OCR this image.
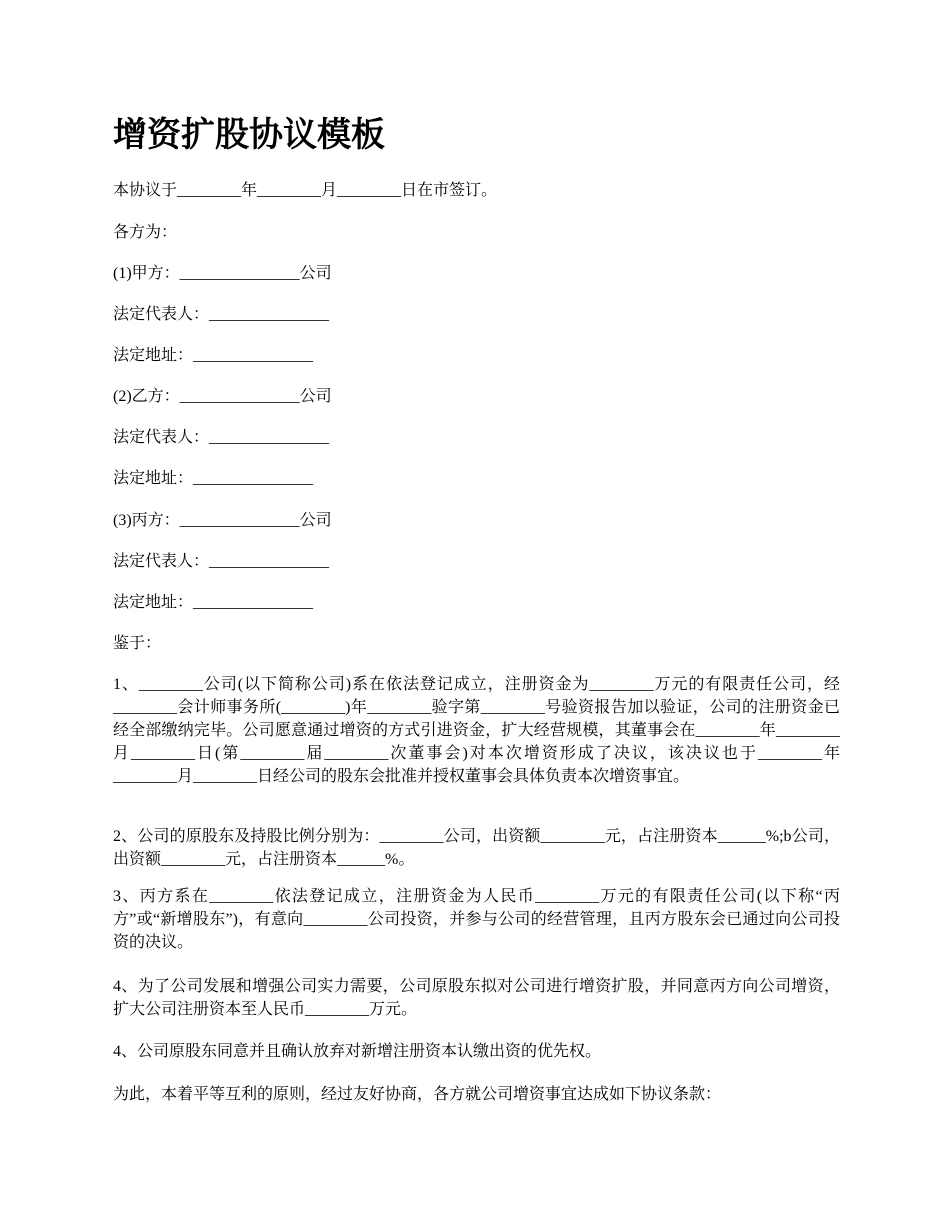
增资扩股协议模板

本协议于________年________月________日在市签订。

各方为：

(1)甲方：_______________公司

法定代表人：_______________

法定地址：_______________

(2)乙方：_______________公司

法定代表人：_______________

法定地址：_______________

(3)丙方：_______________公司

法定代表人：_______________

法定地址：_______________

鉴于：

1、________公司(以下简称公司)系在依法登记成立，注册资金为________万元的有限责任公司，经________会计师事务所(________)年________验字第________号验资报告加以验证，公司的注册资金已经全部缴纳完毕。公司愿意通过增资的方式引进资金，扩大经营规模，其董事会在________年________月________日(第________届________次董事会)对本次增资形成了决议，该决议也于________年________月________日经公司的股东会批准并授权董事会具体负责本次增资事宜。

2、公司的原股东及持股比例分别为：________公司，出资额________元，占注册资本______%;b公司，出资额________元，占注册资本______%。

3、丙方系在________依法登记成立，注册资金为人民币________万元的有限责任公司(以下称“丙方”或“新增股东”)，有意向________公司投资，并参与公司的经营管理，且丙方股东会已通过向公司投资的决议。

4、为了公司发展和增强公司实力需要，公司原股东拟对公司进行增资扩股，并同意丙方向公司增资，扩大公司注册资本至人民币________万元。

4、公司原股东同意并且确认放弃对新增注册资本认缴出资的优先权。

为此，本着平等互利的原则，经过友好协商，各方就公司增资事宜达成如下协议条款：
